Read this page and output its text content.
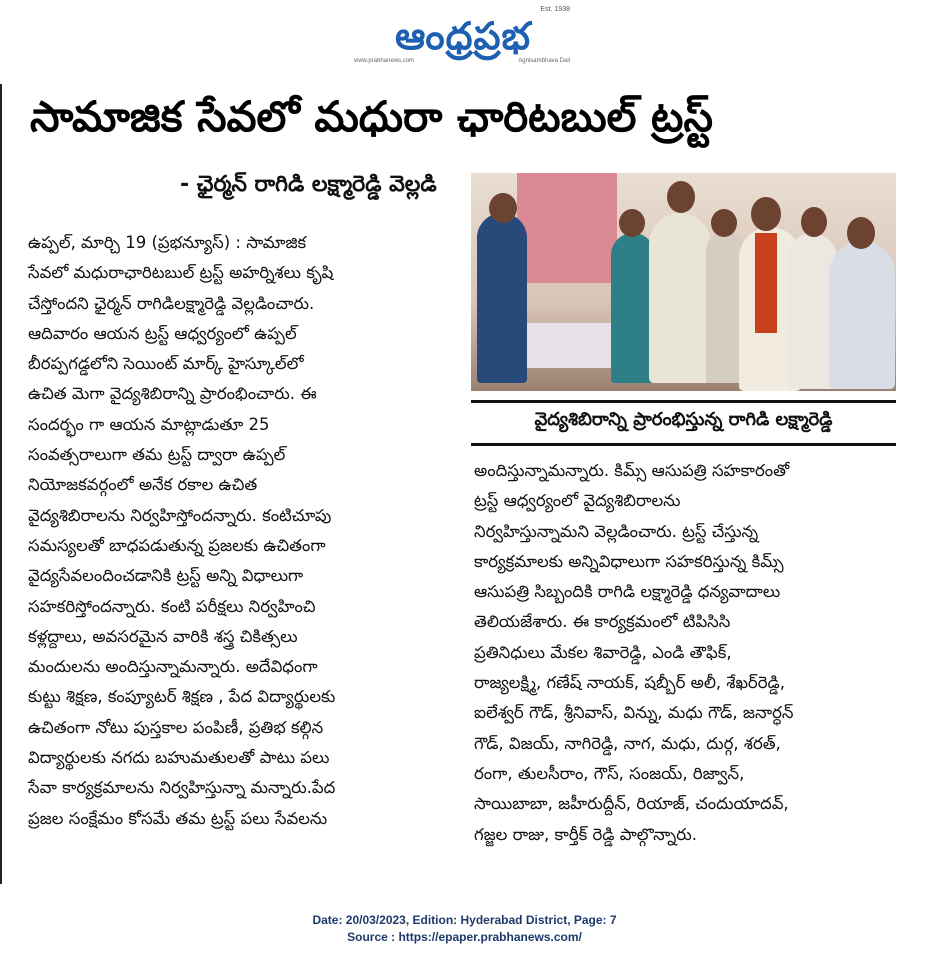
ఆంధ్రప్రభ
Est. 1938
www.prabhanews.com	Agnisambhava Dail
సామాజిక సేవలో మధురా ఛారిటబుల్ ట్రస్ట్
- ఛైర్మన్ రాగిడి లక్ష్మారెడ్డి వెల్లడి

ఉప్పల్, మార్చి 19 (ప్రభన్యూస్) : సామాజిక

సేవలో మధురాఛారిటబుల్ ట్రస్ట్ అహర్నిశలు కృషి

చేస్తోందని ఛైర్మన్ రాగిడిలక్ష్మారెడ్డి వెల్లడించారు.

ఆదివారం ఆయన ట్రస్ట్ ఆధ్వర్యంలో ఉప్పల్

బీరప్పగడ్డలోని సెయింట్ మార్క్ హైస్కూల్‌లో

ఉచిత మెగా వైద్యశిబిరాన్ని ప్రారంభించారు. ఈ

సందర్భం గా ఆయన మాట్లాడుతూ 25

సంవత్సరాలుగా తమ ట్రస్ట్ ద్వారా ఉప్పల్

నియోజకవర్గంలో అనేక రకాల ఉచిత

వైద్యశిబిరాలను నిర్వహిస్తోందన్నారు. కంటిచూపు

సమస్యలతో బాధపడుతున్న ప్రజలకు ఉచితంగా

వైద్యసేవలందించడానికి ట్రస్ట్ అన్ని విధాలుగా

సహకరిస్తోందన్నారు. కంటి పరీక్షలు నిర్వహించి

కళ్లద్దాలు, అవసరమైన వారికి శస్త్ర చికిత్సలు

మందులను అందిస్తున్నామన్నారు. అదేవిధంగా

కుట్టు శిక్షణ, కంప్యూటర్ శిక్షణ , పేద విద్యార్థులకు

ఉచితంగా నోటు పుస్తకాల పంపిణీ, ప్రతిభ కల్గిన

విద్యార్థులకు నగదు బహుమతులతో పాటు పలు

సేవా కార్యక్రమాలను నిర్వహిస్తున్నా మన్నారు.పేద

ప్రజల సంక్షేమం కోసమే తమ ట్రస్ట్ పలు సేవలను

వైద్యశిబిరాన్ని ప్రారంభిస్తున్న రాగిడి లక్ష్మారెడ్డి

అందిస్తున్నామన్నారు. కిమ్స్ ఆసుపత్రి సహకారంతో

ట్రస్ట్ ఆధ్వర్యంలో వైద్యశిబిరాలను

నిర్వహిస్తున్నామని వెల్లడించారు. ట్రస్ట్ చేస్తున్న

కార్యక్రమాలకు అన్నివిధాలుగా సహకరిస్తున్న కిమ్స్

ఆసుపత్రి సిబ్బందికి రాగిడి లక్ష్మారెడ్డి ధన్యవాదాలు

తెలియజేశారు. ఈ కార్యక్రమంలో టిపిసిసి

ప్రతినిధులు మేకల శివారెడ్డి, ఎండి తౌఫిక్,

రాజ్యలక్ష్మి, గణేష్ నాయక్, షబ్బీర్ అలీ, శేఖర్‌రెడ్డి,

ఐలేశ్వర్ గౌడ్, శ్రీనివాస్, విన్ను, మధు గౌడ్, జనార్ధన్

గౌడ్, విజయ్, నాగిరెడ్డి, నాగ, మధు, దుర్గ, శరత్,

రంగా, తులసీరాం, గౌస్, సంజయ్, రిజ్వాన్,

సాయిబాబా, జహీరుద్దీన్, రియాజ్, చందుయాదవ్,

గజ్జల రాజు, కార్తీక్ రెడ్డి పాల్గొన్నారు.

Date: 20/03/2023, Edition: Hyderabad District, Page: 7
Source : https://epaper.prabhanews.com/
